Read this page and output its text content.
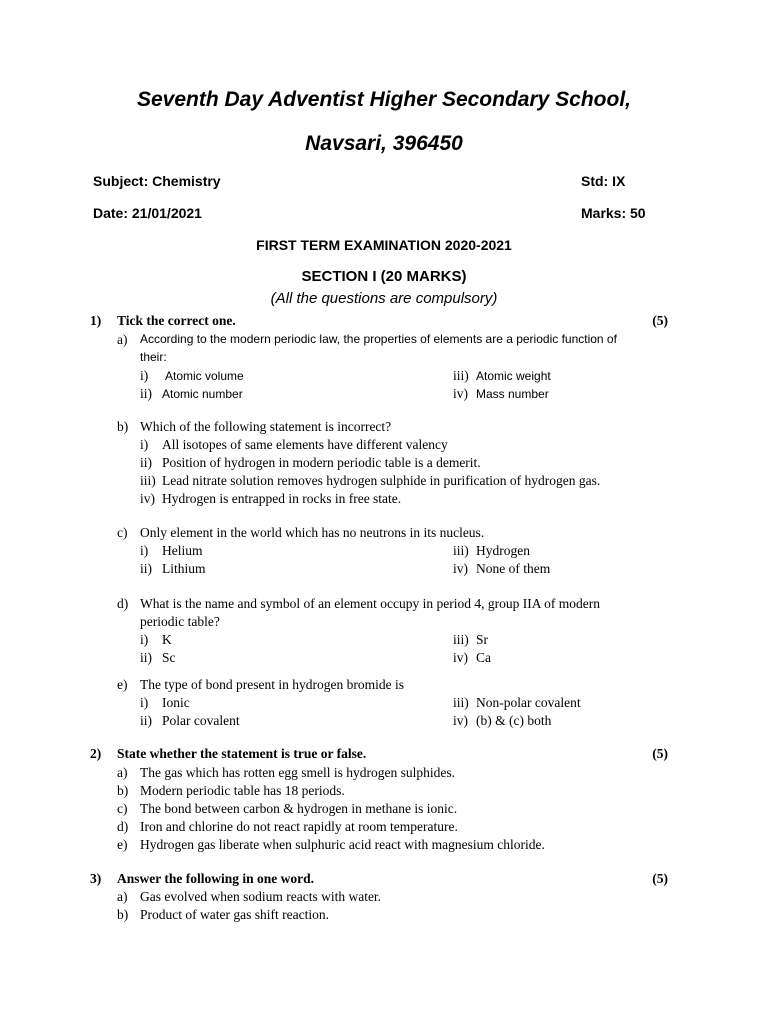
Seventh Day Adventist Higher Secondary School,
Navsari, 396450
Subject: Chemistry	Std: IX
Date: 21/01/2021	Marks: 50
FIRST TERM EXAMINATION 2020-2021
SECTION I (20 MARKS)
(All the questions are compulsory)
1) Tick the correct one.	(5)
a) According to the modern periodic law, the properties of elements are a periodic function of
their:
i) Atomic volume	iii) Atomic weight
ii) Atomic number	iv) Mass number
b) Which of the following statement is incorrect?
i) All isotopes of same elements have different valency
ii) Position of hydrogen in modern periodic table is a demerit.
iii) Lead nitrate solution removes hydrogen sulphide in purification of hydrogen gas.
iv) Hydrogen is entrapped in rocks in free state.
c) Only element in the world which has no neutrons in its nucleus.
i) Helium	iii) Hydrogen
ii) Lithium	iv) None of them
d) What is the name and symbol of an element occupy in period 4, group IIA of modern
periodic table?
i) K	iii) Sr
ii) Sc	iv) Ca
e) The type of bond present in hydrogen bromide is
i) Ionic	iii) Non-polar covalent
ii) Polar covalent	iv) (b) & (c) both
2) State whether the statement is true or false.	(5)
a) The gas which has rotten egg smell is hydrogen sulphides.
b) Modern periodic table has 18 periods.
c) The bond between carbon & hydrogen in methane is ionic.
d) Iron and chlorine do not react rapidly at room temperature.
e) Hydrogen gas liberate when sulphuric acid react with magnesium chloride.
3) Answer the following in one word.	(5)
a) Gas evolved when sodium reacts with water.
b) Product of water gas shift reaction.
